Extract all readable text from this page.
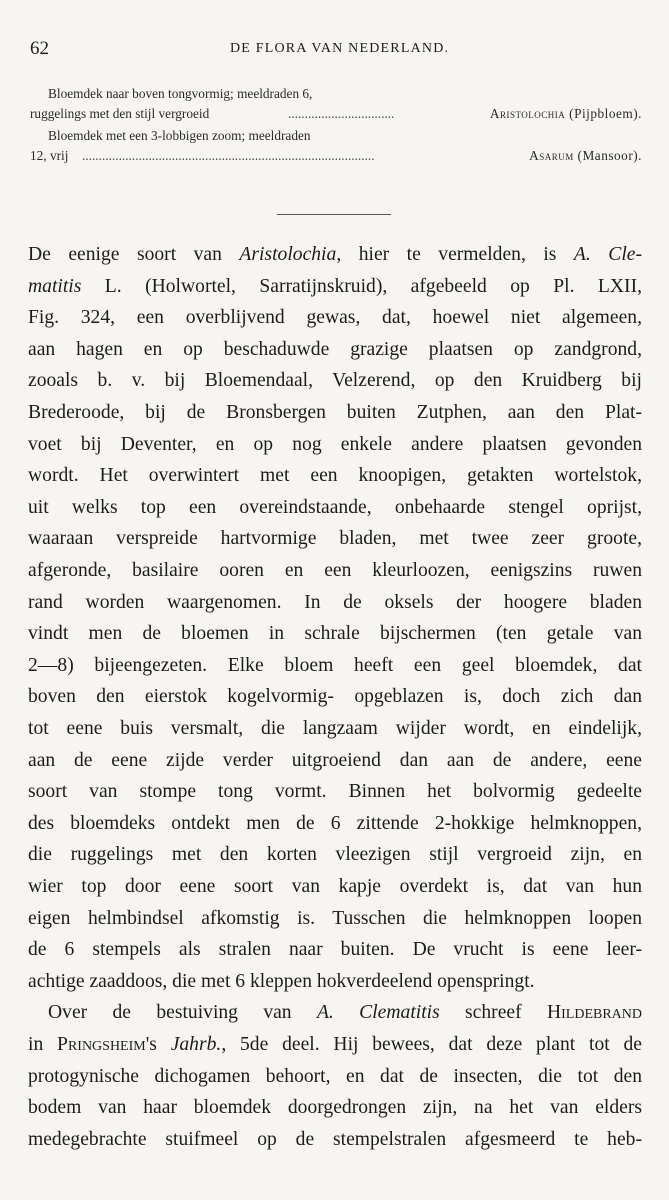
62	DE FLORA VAN NEDERLAND.
Bloemdek naar boven tongvormig; meeldraden 6,
ruggelings met den stijl vergroeid	................................	Aristolochia (Pijpbloem).
Bloemdek met een 3-lobbigen zoom; meeldraden
12, vrij ........................................................................................	Asarum (Mansoor).
De eenige soort van Aristolochia, hier te vermelden, is A. Cle-
matitis L. (Holwortel, Sarratijnskruid), afgebeeld op Pl. LXII,
Fig. 324, een overblijvend gewas, dat, hoewel niet algemeen,
aan hagen en op beschaduwde grazige plaatsen op zandgrond,
zooals b. v. bij Bloemendaal, Velzerend, op den Kruidberg bij
Brederoode, bij de Bronsbergen buiten Zutphen, aan den Plat-
voet bij Deventer, en op nog enkele andere plaatsen gevonden
wordt. Het overwintert met een knoopigen, getakten wortelstok,
uit welks top een overeindstaande, onbehaarde stengel oprijst,
waaraan verspreide hartvormige bladen, met twee zeer groote,
afgeronde, basilaire ooren en een kleurloozen, eenigszins ruwen
rand worden waargenomen. In de oksels der hoogere bladen
vindt men de bloemen in schrale bijschermen (ten getale van
2—8) bijeengezeten. Elke bloem heeft een geel bloemdek, dat
boven den eierstok kogelvormig- opgeblazen is, doch zich dan
tot eene buis versmalt, die langzaam wijder wordt, en eindelijk,
aan de eene zijde verder uitgroeiend dan aan de andere, eene
soort van stompe tong vormt. Binnen het bolvormig gedeelte
des bloemdeks ontdekt men de 6 zittende 2-hokkige helmknoppen,
die ruggelings met den korten vleezigen stijl vergroeid zijn, en
wier top door eene soort van kapje overdekt is, dat van hun
eigen helmbindsel afkomstig is. Tusschen die helmknoppen loopen
de 6 stempels als stralen naar buiten. De vrucht is eene leer-
achtige zaaddoos, die met 6 kleppen hokverdeelend openspringt.
Over de bestuiving van A. Clematitis schreef Hildebrand
in Pringsheim's Jahrb., 5de deel. Hij bewees, dat deze plant tot de
protogynische dichogamen behoort, en dat de insecten, die tot den
bodem van haar bloemdek doorgedrongen zijn, na het van elders
medegebrachte stuifmeel op de stempelstralen afgesmeerd te heb-
